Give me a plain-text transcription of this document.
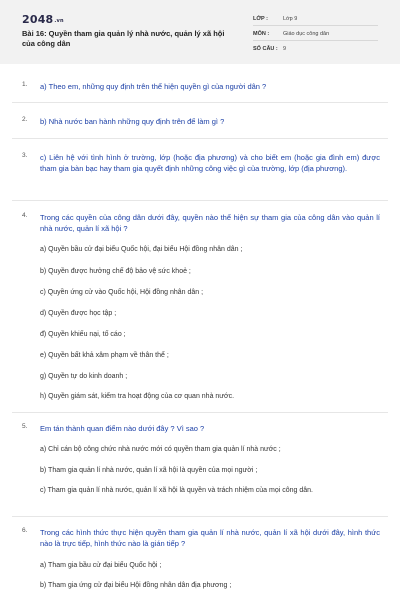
2048.vn
Bài 16: Quyền tham gia quản lý nhà nước, quản lý xã hội của công dân
LỚP :	Lớp 9
MÔN :	Giáo dục công dân
SỐ CÂU : 9
1. a) Theo em, những quy định trên thể hiện quyền gì của người dân ?
2. b) Nhà nước ban hành những quy định trên để làm gì ?
3. c) Liên hệ với tình hình ở trường, lớp (hoặc địa phương) và cho biết em (hoặc gia đình em) được tham gia bàn bạc hay tham gia quyết định những công việc gì của trường, lớp (địa phương).
4. Trong các quyền của công dân dưới đây, quyền nào thể hiện sự tham gia của công dân vào quản lí nhà nước, quản lí xã hội ?
a) Quyền bầu cử đại biểu Quốc hội, đại biểu Hội đồng nhân dân ;
b) Quyền được hưởng chế độ bảo vệ sức khoẻ ;
c) Quyền ứng cử vào Quốc hội, Hội đồng nhân dân ;
d) Quyền được học tập ;
đ) Quyền khiếu nại, tố cáo ;
e) Quyền bất khả xâm phạm về thân thể ;
g) Quyền tự do kinh doanh ;
h) Quyền giám sát, kiểm tra hoạt động của cơ quan nhà nước.
5. Em tán thành quan điểm nào dưới đây ? Vì sao ?
a) Chỉ cán bộ công chức nhà nước mới có quyền tham gia quản lí nhà nước ;
b) Tham gia quản lí nhà nước, quản lí xã hội là quyền của mọi người ;
c) Tham gia quản lí nhà nước, quản lí xã hội là quyền và trách nhiệm của mọi công dân.
6. Trong các hình thức thực hiện quyền tham gia quản lí nhà nước, quản lí xã hội dưới đây, hình thức nào là trực tiếp, hình thức nào là gián tiếp ?
a) Tham gia bầu cử đại biểu Quốc hội ;
b) Tham gia ứng cử đại biểu Hội đồng nhân dân địa phương ;
